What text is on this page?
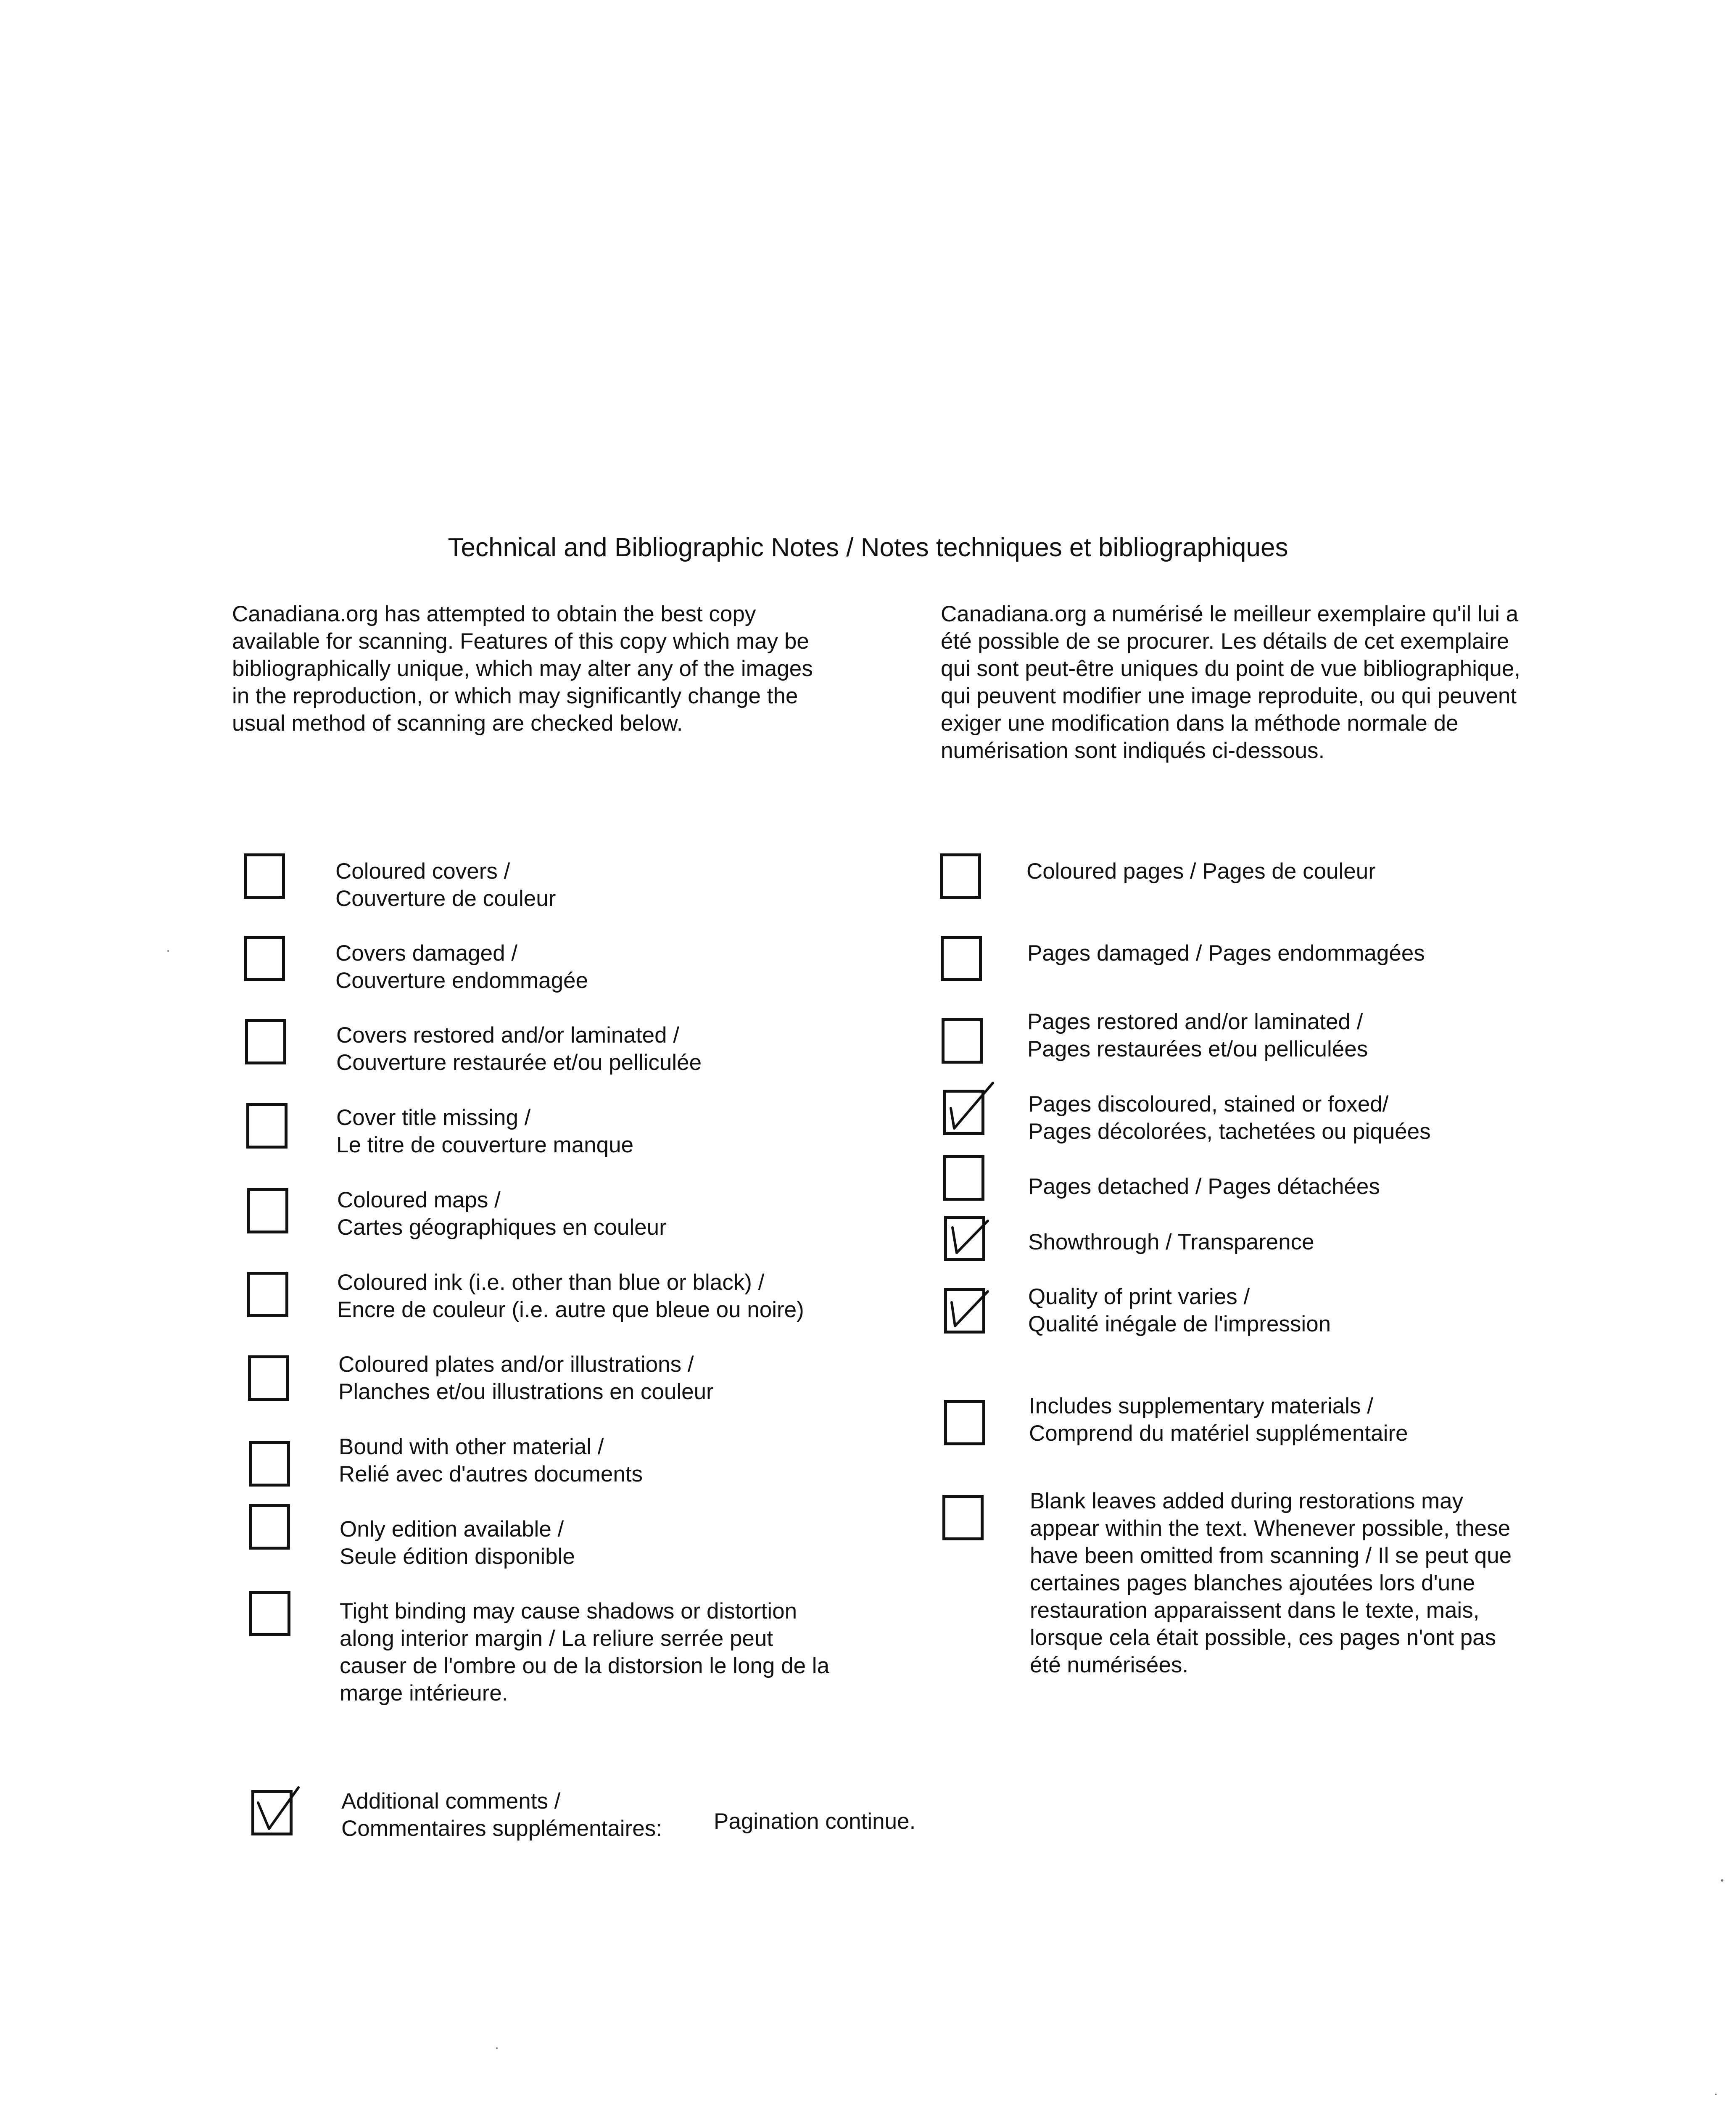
Technical and Bibliographic Notes / Notes techniques et bibliographiques
Canadiana.org has attempted to obtain the best copy
available for scanning. Features of this copy which may be
bibliographically unique, which may alter any of the images
in the reproduction, or which may significantly change the
usual method of scanning are checked below.
Canadiana.org a numérisé le meilleur exemplaire qu'il lui a
été possible de se procurer. Les détails de cet exemplaire
qui sont peut-être uniques du point de vue bibliographique,
qui peuvent modifier une image reproduite, ou qui peuvent
exiger une modification dans la méthode normale de
numérisation sont indiqués ci-dessous.
Coloured covers /
Couverture de couleur
Covers damaged /
Couverture endommagée
Covers restored and/or laminated /
Couverture restaurée et/ou pelliculée
Cover title missing /
Le titre de couverture manque
Coloured maps /
Cartes géographiques en couleur
Coloured ink (i.e. other than blue or black) /
Encre de couleur (i.e. autre que bleue ou noire)
Coloured plates and/or illustrations /
Planches et/ou illustrations en couleur
Bound with other material /
Relié avec d'autres documents
Only edition available /
Seule édition disponible
Tight binding may cause shadows or distortion
along interior margin / La reliure serrée peut
causer de l'ombre ou de la distorsion le long de la
marge intérieure.
Coloured pages / Pages de couleur
Pages damaged / Pages endommagées
Pages restored and/or laminated /
Pages restaurées et/ou pelliculées
Pages discoloured, stained or foxed/
Pages décolorées, tachetées ou piquées
Pages detached / Pages détachées
Showthrough / Transparence
Quality of print varies /
Qualité inégale de l'impression
Includes supplementary materials /
Comprend du matériel supplémentaire
Blank leaves added during restorations may
appear within the text. Whenever possible, these
have been omitted from scanning / Il se peut que
certaines pages blanches ajoutées lors d'une
restauration apparaissent dans le texte, mais,
lorsque cela était possible, ces pages n'ont pas
été numérisées.
Additional comments /
Commentaires supplémentaires: Pagination continue.
